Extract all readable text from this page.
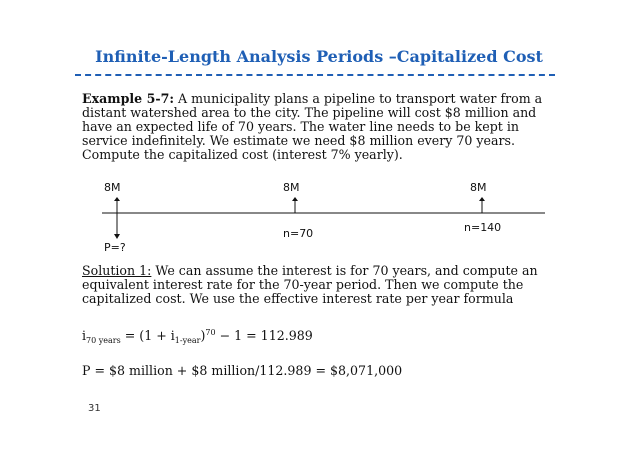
Infinite-Length Analysis Periods –Capitalized Cost
Example 5-7: A municipality plans a pipeline to transport water from a distant watershed area to the city. The pipeline will cost $8 million and have an expected life of 70 years. The water line needs to be kept in service indefinitely. We estimate we need $8 million every 70 years. Compute the capitalized cost (interest 7% yearly).
8M
P=?
8M
n=70
8M
n=140
Solution 1: We can assume the interest is for 70 years, and compute an equivalent interest rate for the 70-year period. Then we compute the capitalized cost. We use the effective interest rate per year formula
$i_{70 years} = (1 + i_{1-year})^{70} - 1 = 112.989$
P = $8 million + $8 million/112.989 = $8,071,000
31
